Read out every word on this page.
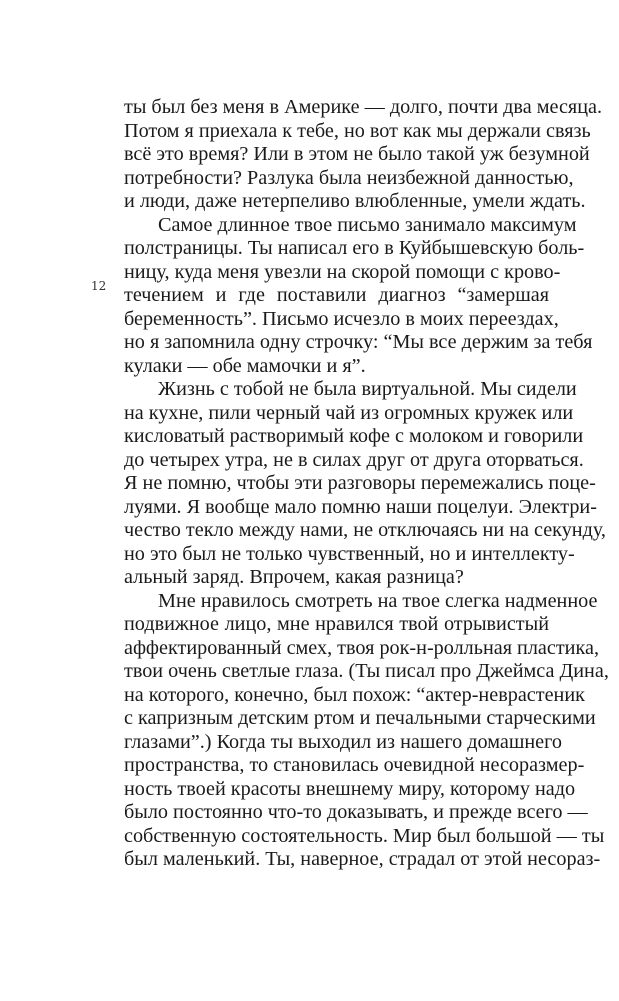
12
ты был без меня в Америке — долго, почти два месяца.
Потом я приехала к тебе, но вот как мы держали связь
всё это время? Или в этом не было такой уж безумной
потребности? Разлука была неизбежной данностью,
и люди, даже нетерпеливо влюбленные, умели ждать.
Самое длинное твое письмо занимало максимум
полстраницы. Ты написал его в Куйбышевскую боль-
ницу, куда меня увезли на скорой помощи с крово-
течением и где поставили диагноз “замершая
беременность”. Письмо исчезло в моих переездах,
но я запомнила одну строчку: “Мы все держим за тебя
кулаки — обе мамочки и я”.
Жизнь с тобой не была виртуальной. Мы сидели
на кухне, пили черный чай из огромных кружек или
кисловатый растворимый кофе с молоком и говорили
до четырех утра, не в силах друг от друга оторваться.
Я не помню, чтобы эти разговоры перемежались поце-
луями. Я вообще мало помню наши поцелуи. Электри-
чество текло между нами, не отключаясь ни на секунду,
но это был не только чувственный, но и интеллекту-
альный заряд. Впрочем, какая разница?
Мне нравилось смотреть на твое слегка надменное
подвижное лицо, мне нравился твой отрывистый
аффектированный смех, твоя рок-н-ролльная пластика,
твои очень светлые глаза. (Ты писал про Джеймса Дина,
на которого, конечно, был похож: “актер-неврастеник
с капризным детским ртом и печальными старческими
глазами”.) Когда ты выходил из нашего домашнего
пространства, то становилась очевидной несоразмер-
ность твоей красоты внешнему миру, которому надо
было постоянно что-то доказывать, и прежде всего —
собственную состоятельность. Мир был большой — ты
был маленький. Ты, наверное, страдал от этой несораз-
